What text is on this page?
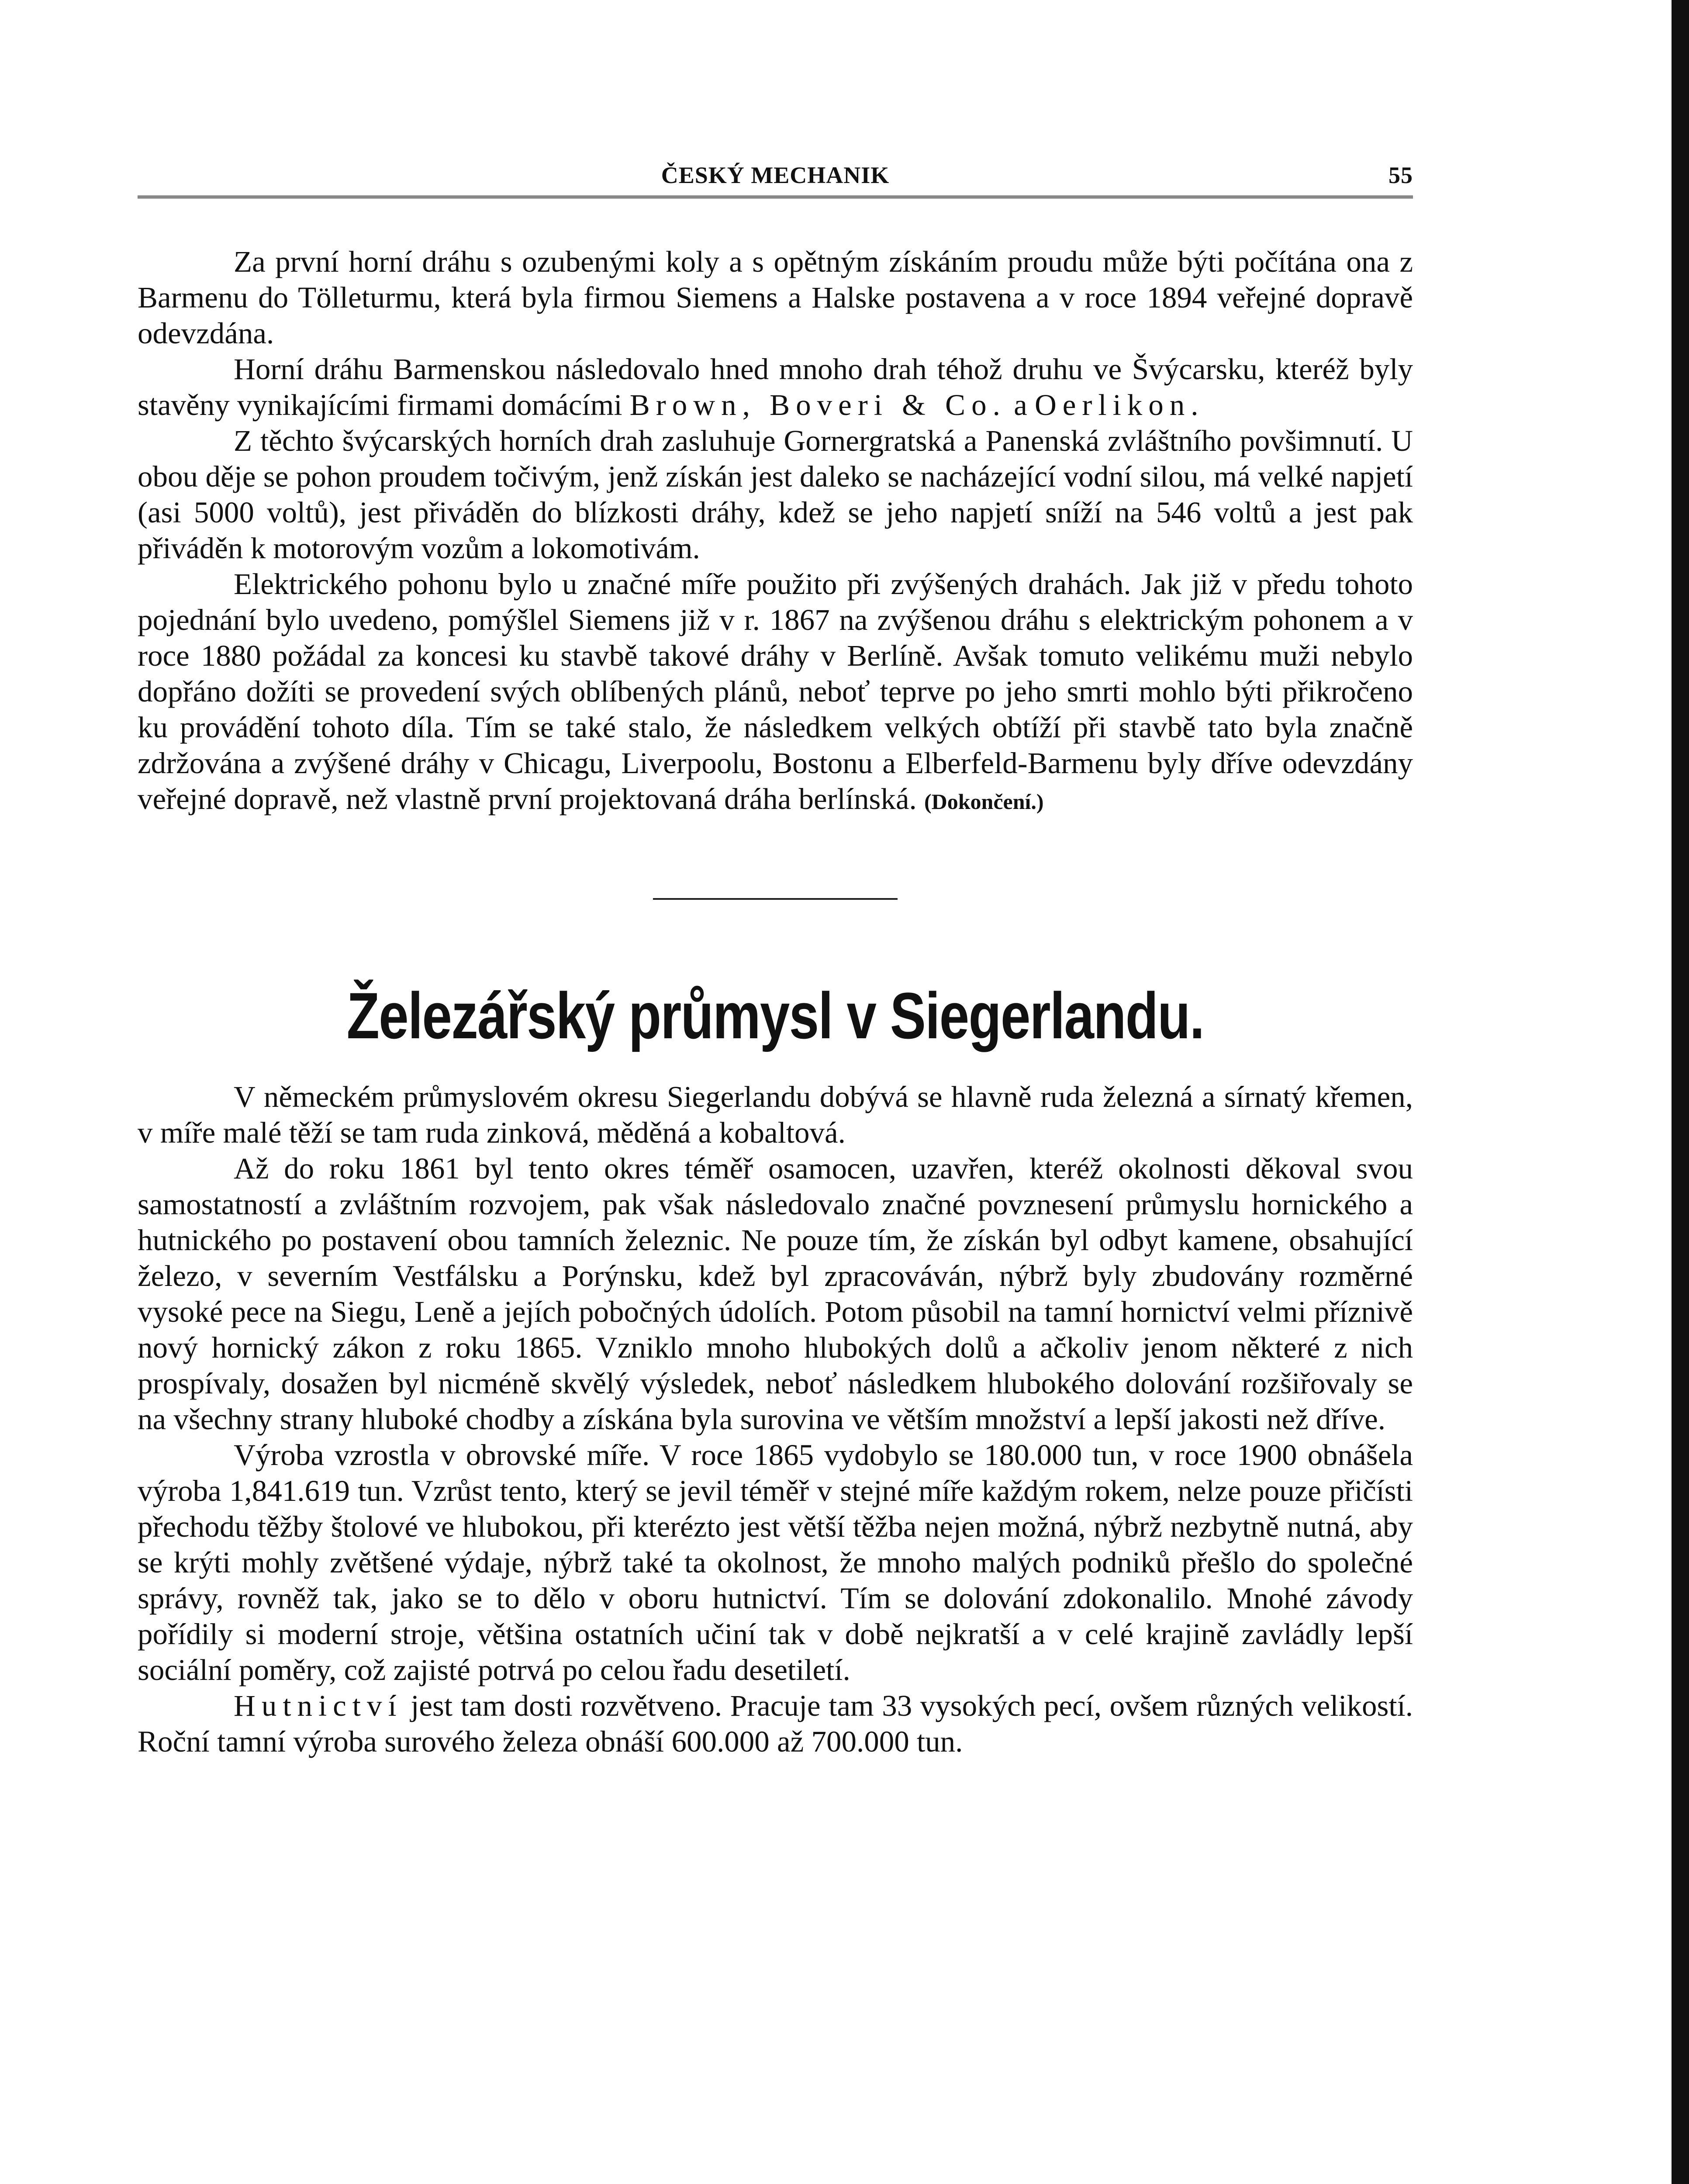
ČESKÝ MECHANIK	55

Za první horní dráhu s ozubenými koly a s opětným získáním proudu může býti počítána ona z Barmenu do Tölleturmu, která byla firmou Siemens a Halske postavena a v roce 1894 veřejné dopravě odevzdána.

Horní dráhu Barmenskou následovalo hned mnoho drah téhož druhu ve Švýcarsku, kteréž byly stavěny vynikajícími firmami domácími Brown, Boveri & Co. a Oerlikon.

Z těchto švýcarských horních drah zasluhuje Gornergratská a Panenská zvláštního povšimnutí. U obou děje se pohon proudem točivým, jenž získán jest daleko se nacházející vodní silou, má velké napjetí (asi 5000 voltů), jest přiváděn do blízkosti dráhy, kdež se jeho napjetí sníží na 546 voltů a jest pak přiváděn k motorovým vozům a lokomotivám.

Elektrického pohonu bylo u značné míře použito při zvýšených drahách. Jak již v předu tohoto pojednání bylo uvedeno, pomýšlel Siemens již v r. 1867 na zvýšenou dráhu s elektrickým pohonem a v roce 1880 požádal za koncesi ku stavbě takové dráhy v Berlíně. Avšak tomuto velikému muži nebylo dopřáno dožíti se provedení svých oblíbených plánů, neboť teprve po jeho smrti mohlo býti přikročeno ku provádění tohoto díla. Tím se také stalo, že následkem velkých obtíží při stavbě tato byla značně zdržována a zvýšené dráhy v Chicagu, Liverpoolu, Bostonu a Elberfeld-Barmenu byly dříve odevzdány veřejné dopravě, než vlastně první projektovaná dráha berlínská. (Dokončení.)

Železářský průmysl v Siegerlandu.

V německém průmyslovém okresu Siegerlandu dobývá se hlavně ruda železná a sírnatý křemen, v míře malé těží se tam ruda zinková, měděná a kobaltová.

Až do roku 1861 byl tento okres téměř osamocen, uzavřen, kteréž okolnosti děkoval svou samostatností a zvláštním rozvojem, pak však následovalo značné povznesení průmyslu hornického a hutnického po postavení obou tamních železnic. Ne pouze tím, že získán byl odbyt kamene, obsahující železo, v severním Vestfálsku a Porýnsku, kdež byl zpracováván, nýbrž byly zbudovány rozměrné vysoké pece na Siegu, Leně a jejích pobočných údolích. Potom působil na tamní hornictví velmi příznivě nový hornický zákon z roku 1865. Vzniklo mnoho hlubokých dolů a ačkoliv jenom některé z nich prospívaly, dosažen byl nicméně skvělý výsledek, neboť následkem hlubokého dolování rozšiřovaly se na všechny strany hluboké chodby a získána byla surovina ve větším množství a lepší jakosti než dříve.

Výroba vzrostla v obrovské míře. V roce 1865 vydobylo se 180.000 tun, v roce 1900 obnášela výroba 1,841.619 tun. Vzrůst tento, který se jevil téměř v stejné míře každým rokem, nelze pouze přičísti přechodu těžby štolové ve hlubokou, při kterézto jest větší těžba nejen možná, nýbrž nezbytně nutná, aby se krýti mohly zvětšené výdaje, nýbrž také ta okolnost, že mnoho malých podniků přešlo do společné správy, rovněž tak, jako se to dělo v oboru hutnictví. Tím se dolování zdokonalilo. Mnohé závody pořídily si moderní stroje, většina ostatních učiní tak v době nejkratší a v celé krajině zavládly lepší sociální poměry, což zajisté potrvá po celou řadu desetiletí.

Hutnictví jest tam dosti rozvětveno. Pracuje tam 33 vysokých pecí, ovšem různých velikostí. Roční tamní výroba surového železa obnáší 600.000 až 700.000 tun.
